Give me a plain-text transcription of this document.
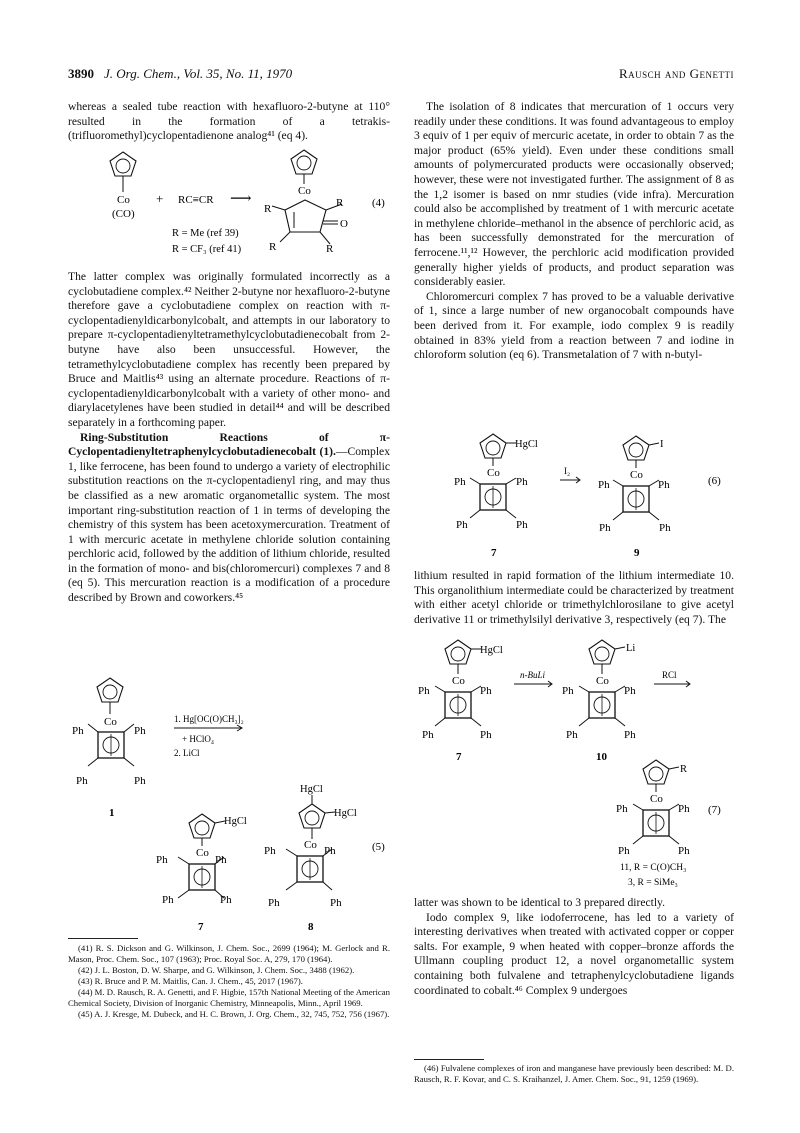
3890 J. Org. Chem., Vol. 35, No. 11, 1970	Rausch and Genetti

whereas a sealed tube reaction with hexafluoro-2-butyne at 110° resulted in the formation of a tetrakis-(trifluoromethyl)cyclopentadienone analog⁴¹ (eq 4).

Co
(CO)
+ RC≡CR ⟶	Co
R
R
O
R
R
(4)
R = Me (ref 39)
R = CF₃ (ref 41)

The latter complex was originally formulated incorrectly as a cyclobutadiene complex.⁴² Neither 2-butyne nor hexafluoro-2-butyne therefore gave a cyclobutadiene complex on reaction with π-cyclopentadienyldicarbonylcobalt, and attempts in our laboratory to prepare π-cyclopentadienyltetramethylcyclobutadienecobalt from 2-butyne have also been unsuccessful. However, the tetramethylcyclobutadiene complex has recently been prepared by Bruce and Maitlis⁴³ using an alternate procedure. Reactions of π-cyclopentadienyldicarbonylcobalt with a variety of other mono- and diarylacetylenes have been studied in detail⁴⁴ and will be described separately in a forthcoming paper.

Ring-Substitution Reactions of π-Cyclopentadienyltetraphenylcyclobutadienecobalt (1).—Complex 1, like ferrocene, has been found to undergo a variety of electrophilic substitution reactions on the π-cyclopentadienyl ring, and may thus be classified as a new aromatic organometallic system. The most important ring-substitution reaction of 1 in terms of developing the chemistry of this system has been acetoxymercuration. Treatment of 1 with mercuric acetate in methylene chloride solution containing perchloric acid, followed by the addition of lithium chloride, resulted in the formation of mono- and bis(chloromercuri) complexes 7 and 8 (eq 5). This mercuration reaction is a modification of a procedure described by Brown and coworkers.⁴⁵

Co
Ph	Ph
Ph	Ph
1
1. Hg[OC(O)CH₃]₂
+ HClO₄
2. LiCl
HgCl
Co
Ph	Ph
Ph	Ph
7
HgCl
HgCl
Co
Ph	Ph
Ph	Ph
8
(5)

(41) R. S. Dickson and G. Wilkinson, J. Chem. Soc., 2699 (1964); M. Gerlock and R. Mason, Proc. Chem. Soc., 107 (1963); Proc. Royal Soc. A, 279, 170 (1964).

(42) J. L. Boston, D. W. Sharpe, and G. Wilkinson, J. Chem. Soc., 3488 (1962).

(43) R. Bruce and P. M. Maitlis, Can. J. Chem., 45, 2017 (1967).

(44) M. D. Rausch, R. A. Genetti, and F. Higbie, 157th National Meeting of the American Chemical Society, Division of Inorganic Chemistry, Minneapolis, Minn., April 1969.

(45) A. J. Kresge, M. Dubeck, and H. C. Brown, J. Org. Chem., 32, 745, 752, 756 (1967).

The isolation of 8 indicates that mercuration of 1 occurs very readily under these conditions. It was found advantageous to employ 3 equiv of 1 per equiv of mercuric acetate, in order to obtain 7 as the major product (65% yield). Even under these conditions small amounts of polymercurated products were occasionally observed; however, these were not investigated further. The assignment of 8 as the 1,2 isomer is based on nmr studies (vide infra). Mercuration could also be accomplished by treatment of 1 with mercuric acetate in methylene chloride–methanol in the absence of perchloric acid, as has been successfully demonstrated for the mercuration of ferrocene.¹¹,¹² However, the perchloric acid modification provided generally higher yields of products, and product separation was considerably easier.

Chloromercuri complex 7 has proved to be a valuable derivative of 1, since a large number of new organocobalt compounds have been derived from it. For example, iodo complex 9 is readily obtained in 83% yield from a reaction between 7 and iodine in chloroform solution (eq 6). Transmetalation of 7 with n-butyl-

HgCl
Co
Ph	Ph
Ph	Ph
7
I₂
I
Co
Ph	Ph
Ph	Ph
9
(6)

lithium resulted in rapid formation of the lithium intermediate 10. This organolithium intermediate could be characterized by treatment with either acetyl chloride or trimethylchlorosilane to give acetyl derivative 11 or trimethylsilyl derivative 3, respectively (eq 7). The

HgCl
Co
Ph	Ph
Ph	Ph
7
n-BuLi
Li
Co
Ph	Ph
Ph	Ph
10
RCl
R
Co
Ph	Ph
Ph	Ph
(7)
11, R = C(O)CH₃
3, R = SiMe₃

latter was shown to be identical to 3 prepared directly.

Iodo complex 9, like iodoferrocene, has led to a variety of interesting derivatives when treated with activated copper or copper salts. For example, 9 when heated with copper–bronze affords the Ullmann coupling product 12, a novel organometallic system containing both fulvalene and tetraphenylcyclobutadiene ligands coordinated to cobalt.⁴⁶ Complex 9 undergoes

(46) Fulvalene complexes of iron and manganese have previously been described: M. D. Rausch, R. F. Kovar, and C. S. Kraihanzel, J. Amer. Chem. Soc., 91, 1259 (1969).
